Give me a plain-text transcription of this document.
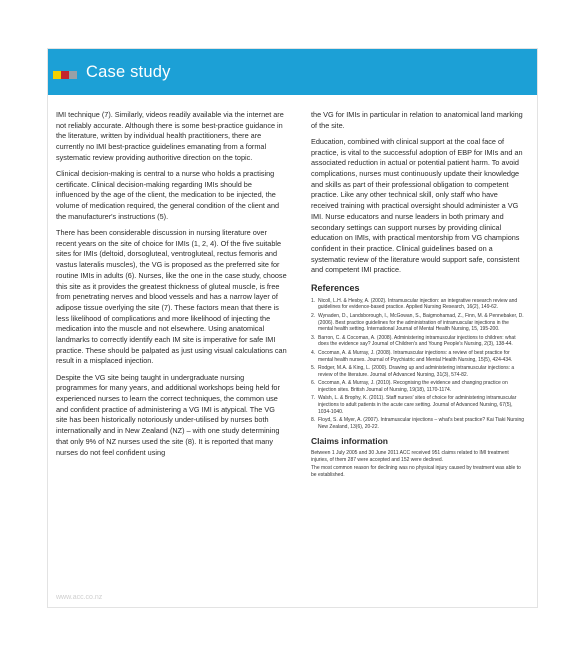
Case study

IMI technique (7). Similarly, videos readily available via the internet are not reliably accurate. Although there is some best-practice guidance in the literature, written by individual health practitioners, there are currently no IMI best-practice guidelines emanating from a formal systematic review providing authoritive direction on the topic.

Clinical decision-making is central to a nurse who holds a practising certificate. Clinical decision-making regarding IMIs should be influenced by the age of the client, the medication to be injected, the volume of medication required, the general condition of the client and the manufacturer's instructions (5).

There has been considerable discussion in nursing literature over recent years on the site of choice for IMIs (1, 2, 4). Of the five suitable sites for IMIs (deltoid, dorsogluteal, ventrogluteal, rectus femoris and vastus lateralis muscles), the VG is proposed as the preferred site for routine IMIs in adults (6). Nurses, like the one in the case study, choose this site as it provides the greatest thickness of gluteal muscle, is free from penetrating nerves and blood vessels and has a narrow layer of adipose tissue overlying the site (7). These factors mean that there is less likelihood of complications and more likelihood of injecting the medication into the muscle and not elsewhere. Using anatomical landmarks to correctly identify each IM site is imperative for safe IMI practice. These should be palpated as just using visual calculations can result in a misplaced injection.

Despite the VG site being taught in undergraduate nursing programmes for many years, and additional workshops being held for experienced nurses to learn the correct techniques, the common use and confident practice of administering a VG IMI is atypical. The VG site has been historically notoriously under-utilised by nurses both internationally and in New Zealand (NZ) – with one study determining that only 9% of NZ nurses used the site (8). It is reported that many nurses do not feel confident using

the VG for IMIs in particular in relation to anatomical land marking of the site.

Education, combined with clinical support at the coal face of practice, is vital to the successful adoption of EBP for IMIs and an associated reduction in actual or potential patient harm. To avoid complications, nurses must continuously update their knowledge and skills as part of their professional obligation to competent practice. Like any other technical skill, only staff who have received training with practical oversight should administer a VG IMI. Nurse educators and nurse leaders in both primary and secondary settings can support nurses by providing clinical education on IMIs, with practical mentorship from VG champions confident in their practice. Clinical guidelines based on a systematic review of the literature would support safe, consistent and competent IMI practice.

References
1. Nicoll, L.H. & Hesby, A. (2002). Intramuscular injection: an integrative research review and guidelines for evidence-based practice. Applied Nursing Research, 16(2), 149-62.
2. Wynaden, D., Landsborough, I., McGowan, S., Baigmohamad, Z., Finn, M. & Pennebaker, D. (2006). Best practice guidelines for the administration of intramuscular injections in the mental health setting. International Journal of Mental Health Nursing, 15, 195-200.
3. Barron, C. & Cocoman, A. (2008). Administering intramuscular injections to children: what does the evidence say? Journal of Children's and Young People's Nursing, 2(3), 138-44.
4. Cocoman, A. & Murray, J. (2008). Intramuscular injections: a review of best practice for mental health nurses. Journal of Psychiatric and Mental Health Nursing, 15(5), 424-434.
5. Rodger, M.A. & King, L. (2000). Drawing up and administering intramuscular injections: a review of the literature. Journal of Advanced Nursing, 31(3), 574-82.
6. Cocoman, A. & Murray, J. (2010). Recognising the evidence and changing practice on injection sites. British Journal of Nursing, 19(18), 1170-1174.
7. Walsh, L. & Brophy, K. (2011). Staff nurses' sites of choice for administering intramuscular injections to adult patients in the acute care setting. Journal of Advanced Nursing, 67(5), 1034-1040.
8. Floyd, S. & Myer, A. (2007). Intramuscular injections – what's best practice? Kai Tiaki Nursing New Zealand, 13(6), 20-22.
Claims information

Between 1 July 2005 and 30 June 2011 ACC received 951 claims related to IMI treatment injuries, of them 287 were accepted and 152 were declined.

The most common reason for declining was no physical injury caused by treatment was able to be established.

www.acc.co.nz
